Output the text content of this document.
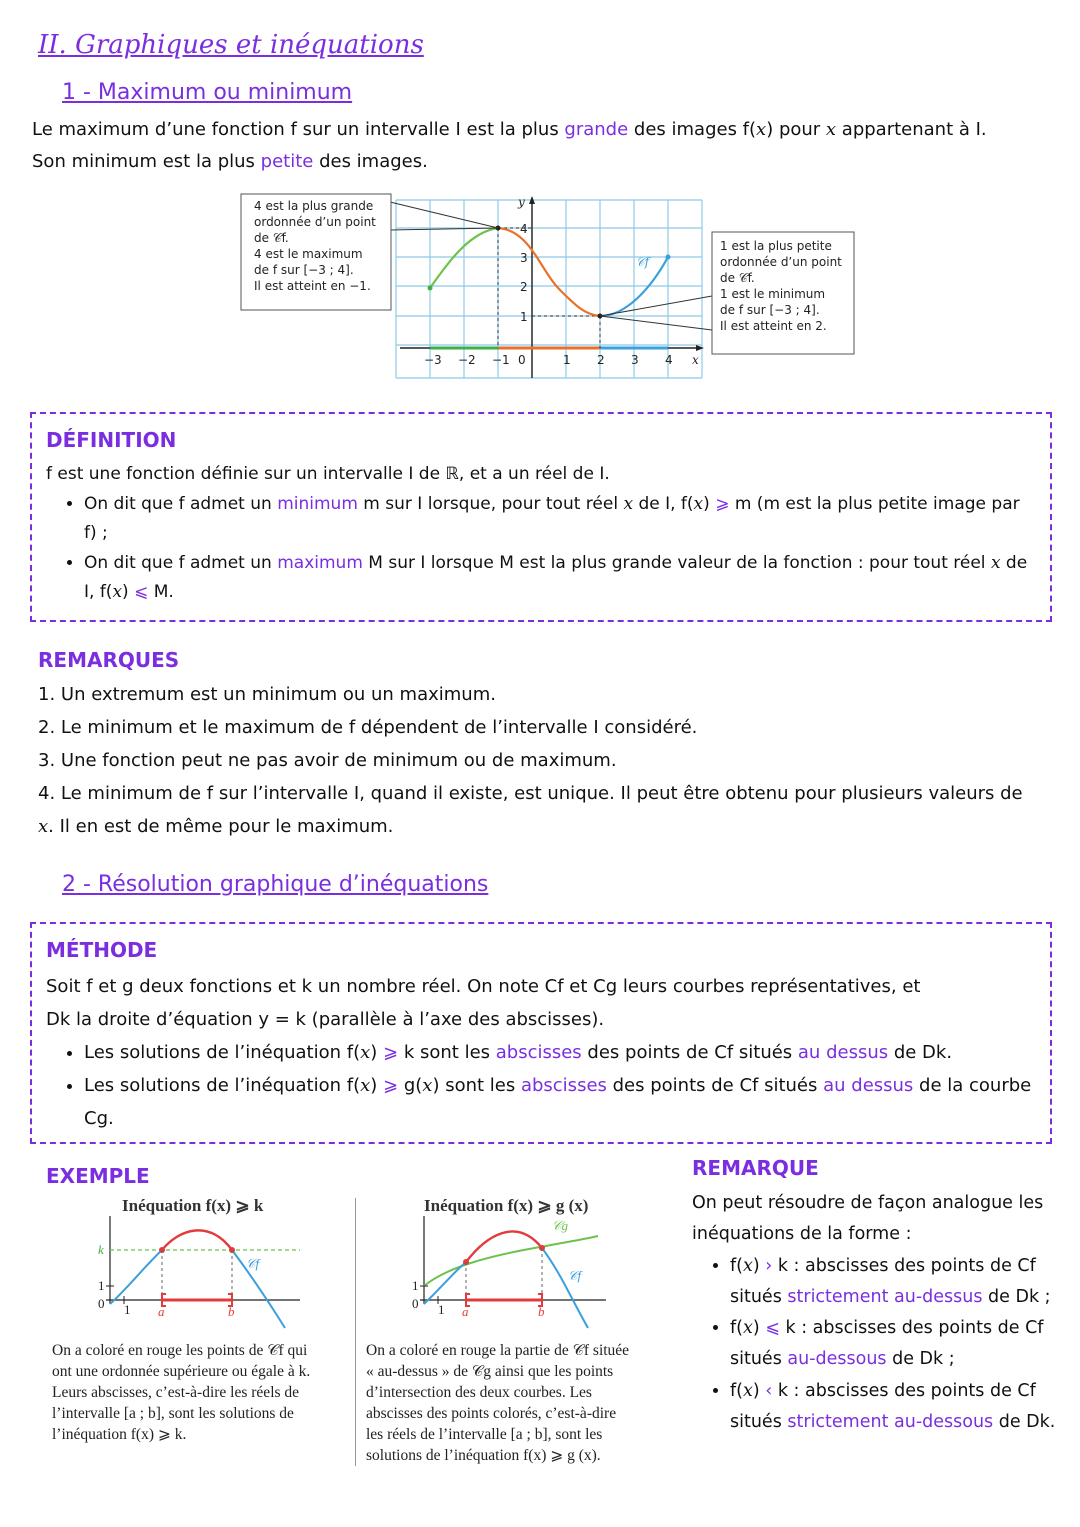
II. Graphiques et inéquations
1 - Maximum ou minimum
Le maximum d’une fonction f sur un intervalle I est la plus grande des images f(x) pour x appartenant à I.
Son minimum est la plus petite des images.
−3 −2 −1 0	1 2 3 4
1
2
3
4
x
y
𝒞f
4 est la plus grande
ordonnée d’un point
de 𝒞f.
4 est le maximum
de f sur [−3 ; 4].
Il est atteint en −1.
1 est la plus petite
ordonnée d’un point
de 𝒞f.
1 est le minimum
de f sur [−3 ; 4].
Il est atteint en 2.
DÉFINITION
f est une fonction définie sur un intervalle I de ℝ, et a un réel de I.
• On dit que f admet un minimum m sur I lorsque, pour tout réel x de I, f(x) ⩾ m (m est la plus petite image par f) ;
• On dit que f admet un maximum M sur I lorsque M est la plus grande valeur de la fonction : pour tout réel x de I, f(x) ⩽ M.
REMARQUES
1. Un extremum est un minimum ou un maximum.
2. Le minimum et le maximum de f dépendent de l’intervalle I considéré.
3. Une fonction peut ne pas avoir de minimum ou de maximum.
4. Le minimum de f sur l’intervalle I, quand il existe, est unique. Il peut être obtenu pour plusieurs valeurs de x. Il en est de même pour le maximum.
2 - Résolution graphique d’inéquations
MÉTHODE
Soit f et g deux fonctions et k un nombre réel. On note Cf et Cg leurs courbes représentatives, et
Dk la droite d’équation y = k (parallèle à l’axe des abscisses).
• Les solutions de l’inéquation f(x) ⩾ k sont les abscisses des points de Cf situés au dessus de Dk.
• Les solutions de l’inéquation f(x) ⩾ g(x) sont les abscisses des points de Cf situés au dessus de la courbe Cg.
EXEMPLE
Inéquation f(x) ⩾ k
k
1
0 1 a	b
𝒞f
On a coloré en rouge les points de 𝒞f qui
ont une ordonnée supérieure ou égale à k.
Leurs abscisses, c’est-à-dire les réels de
l’intervalle [a ; b], sont les solutions de
l’inéquation f(x) ⩾ k.
Inéquation f(x) ⩾ g (x)
1
0 1 a	b
𝒞f
𝒞g
On a coloré en rouge la partie de 𝒞f située
« au-dessus » de 𝒞g ainsi que les points
d’intersection des deux courbes. Les
abscisses des points colorés, c’est-à-dire
les réels de l’intervalle [a ; b], sont les
solutions de l’inéquation f(x) ⩾ g (x).
REMARQUE
On peut résoudre de façon analogue les
inéquations de la forme :
• f(x) › k : abscisses des points de Cf situés strictement au-dessus de Dk ;
• f(x) ⩽ k : abscisses des points de Cf situés au-dessous de Dk ;
• f(x) ‹ k : abscisses des points de Cf situés strictement au-dessous de Dk.
